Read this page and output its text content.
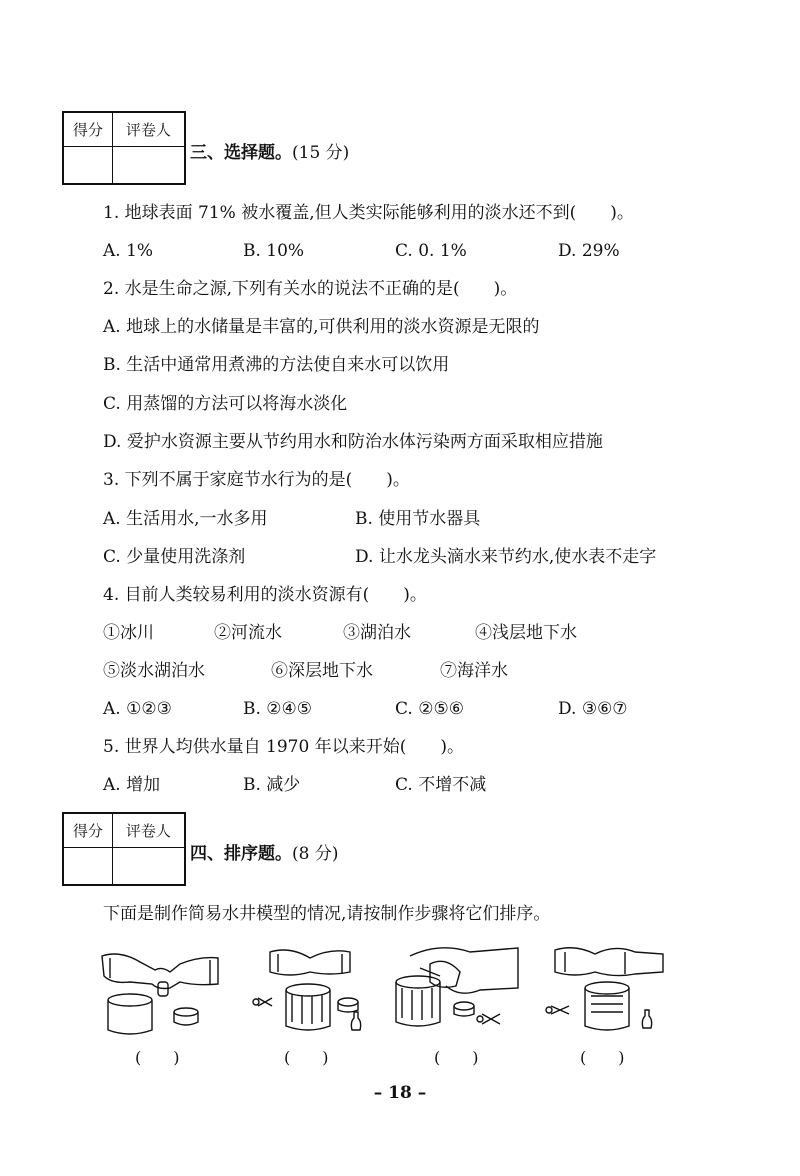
得分	评卷人

三、选择题。(15 分)
1. 地球表面 71% 被水覆盖,但人类实际能够利用的淡水还不到(　　)。
A. 1%	B. 10%	C. 0. 1%	D. 29%
2. 水是生命之源,下列有关水的说法不正确的是(　　)。
A. 地球上的水储量是丰富的,可供利用的淡水资源是无限的
B. 生活中通常用煮沸的方法使自来水可以饮用
C. 用蒸馏的方法可以将海水淡化
D. 爱护水资源主要从节约用水和防治水体污染两方面采取相应措施
3. 下列不属于家庭节水行为的是(　　)。
A. 生活用水,一水多用	B. 使用节水器具
C. 少量使用洗涤剂	D. 让水龙头滴水来节约水,使水表不走字
4. 目前人类较易利用的淡水资源有(　　)。
①冰川	②河流水	③湖泊水	④浅层地下水
⑤淡水湖泊水	⑥深层地下水	⑦海洋水
A. ①②③	B. ②④⑤	C. ②⑤⑥	D. ③⑥⑦
5. 世界人均供水量自 1970 年以来开始(　　)。
A. 增加	B. 减少	C. 不增不减
得分	评卷人

四、排序题。(8 分)
下面是制作简易水井模型的情况,请按制作步骤将它们排序。
(　　)	(　　)	(　　)	(　　)
– 18 –
